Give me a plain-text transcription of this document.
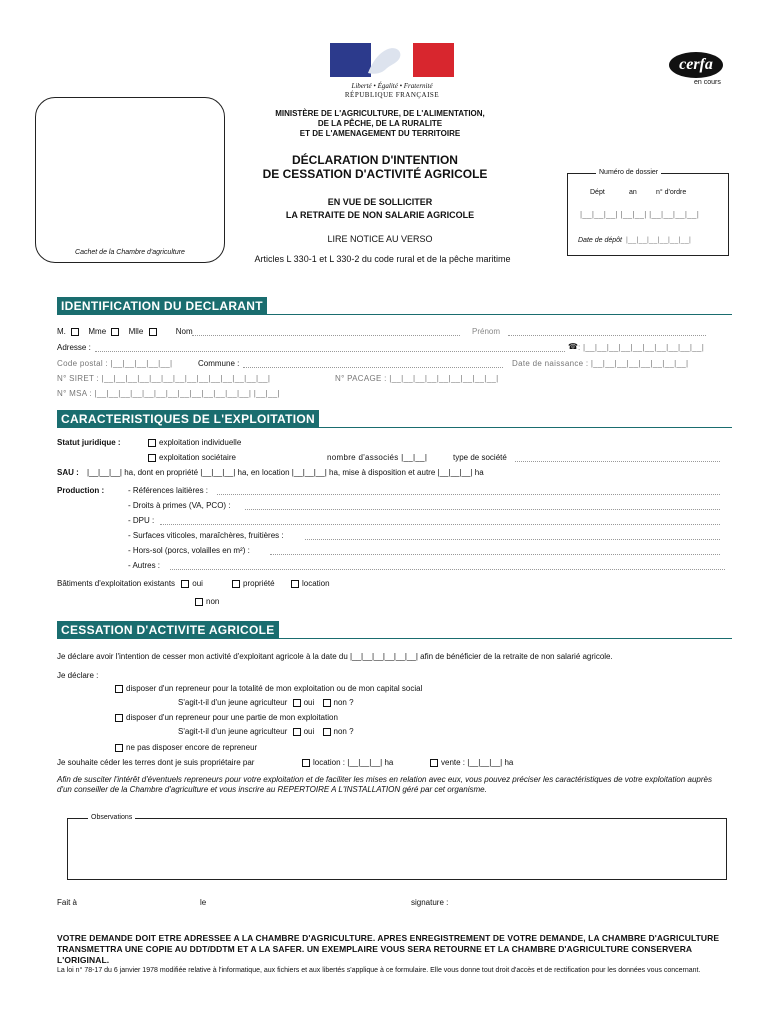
Liberté • Égalité • Fraternité
RÉPUBLIQUE FRANÇAISE
cerfa
en cours
Cachet de la Chambre d'agriculture
MINISTÈRE DE L'AGRICULTURE, DE L'ALIMENTATION,
DE LA PÊCHE, DE LA RURALITE
ET DE L'AMENAGEMENT DU TERRITOIRE
DÉCLARATION D'INTENTION
DE CESSATION D'ACTIVITÉ AGRICOLE
EN VUE DE SOLLICITER
LA RETRAITE DE NON SALARIE AGRICOLE
LIRE NOTICE AU VERSO
Articles L 330-1 et L 330-2 du code rural et de la pêche maritime
Numéro de dossier
Dépt	an	n° d'ordre
|__|__|__| |__|__| |__|__|__|__|
Date de dépôt |__|__|__|__|__|__|
IDENTIFICATION DU DECLARANT
M.	Mme	Mlle	Nom	Prénom
Adresse :	☎ : |__|__|__|__|__|__|__|__|__|__|
Code postal : |__|__|__|__|__|	Commune :	Date de naissance : |__|__|__|__|__|__|__|__|
N° SIRET : |__|__|__|__|__|__|__|__|__|__|__|__|__|__|	N° PACAGE : |__|__|__|__|__|__|__|__|__|
N° MSA : |__|__|__|__|__|__|__|__|__|__|__|__|__| |__|__|
CARACTERISTIQUES DE L'EXPLOITATION
Statut juridique :	exploitation individuelle
exploitation sociétaire	nombre d'associés |__|__|	type de société
SAU : |__|__|__| ha, dont en propriété |__|__|__| ha, en location |__|__|__| ha, mise à disposition et autre |__|__|__| ha
Production :	- Références laitières :
- Droits à primes (VA, PCO) :
- DPU :
- Surfaces viticoles, maraîchères, fruitières :
- Hors-sol (porcs, volailles en m²) :
- Autres :
Bâtiments d'exploitation existants oui	propriété	location
non
CESSATION D'ACTIVITE AGRICOLE
Je déclare avoir l'intention de cesser mon activité d'exploitant agricole à la date du |__|__|__|__|__|__| afin de bénéficier de la retraite de non salarié agricole.
Je déclare :
disposer d'un repreneur pour la totalité de mon exploitation ou de mon capital social
S'agit-t-il d'un jeune agriculteur oui non ?
disposer d'un repreneur pour une partie de mon exploitation
S'agit-t-il d'un jeune agriculteur oui non ?
ne pas disposer encore de repreneur
Je souhaite céder les terres dont je suis propriétaire par	location : |__|__|__| ha	vente : |__|__|__| ha
Afin de susciter l'intérêt d'éventuels repreneurs pour votre exploitation et de faciliter les mises en relation avec eux, vous pouvez préciser les caractéristiques de votre exploitation auprès d'un conseiller de la Chambre d'agriculture et vous inscrire au REPERTOIRE A L'INSTALLATION géré par cet organisme.
Observations
Fait à	le	signature :
VOTRE DEMANDE DOIT ETRE ADRESSEE A LA CHAMBRE D'AGRICULTURE. APRES ENREGISTREMENT DE VOTRE DEMANDE, LA CHAMBRE D'AGRICULTURE TRANSMETTRA UNE COPIE AU DDT/DDTM ET A LA SAFER. UN EXEMPLAIRE VOUS SERA RETOURNE ET LA CHAMBRE D'AGRICULTURE CONSERVERA L'ORIGINAL.
La loi n° 78-17 du 6 janvier 1978 modifiée relative à l'informatique, aux fichiers et aux libertés s'applique à ce formulaire. Elle vous donne tout droit d'accès et de rectification pour les données vous concernant.
